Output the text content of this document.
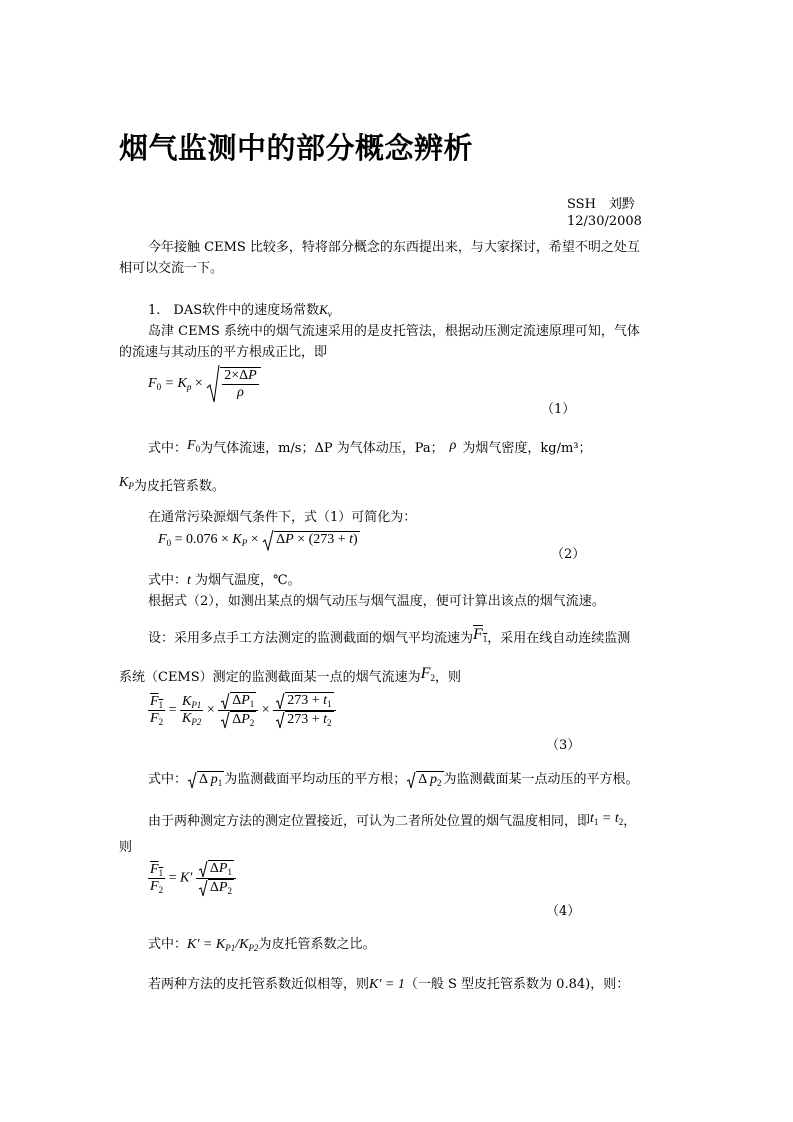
烟气监测中的部分概念辨析
SSH　刘黔
12/30/2008
今年接触 CEMS 比较多，特将部分概念的东西提出来，与大家探讨，希望不明之处互
相可以交流一下。
1.　DAS软件中的速度场常数$K_v$
岛津 CEMS 系统中的烟气流速采用的是皮托管法，根据动压测定流速原理可知，气体
的流速与其动压的平方根成正比，即
$F_0 = K_p \times \frac{2\times\Delta P}{\rho}$
（1）
式中：$F_0$为气体流速，m/s；ΔP 为气体动压，Pa； ρ 为烟气密度，kg/m³；
$K_P$为皮托管系数。
在通常污染源烟气条件下，式（1）可简化为：
$F_0 = 0.076 \times K_P \times \Delta P \times (273 + t)$
（2）
式中：t 为烟气温度，℃。
根据式（2），如测出某点的烟气动压与烟气温度，便可计算出该点的烟气流速。
设：采用多点手工方法测定的监测截面的烟气平均流速为$F_1$，采用在线自动连续监测
系统（CEMS）测定的监测截面某一点的烟气流速为$F_2$，则
$\frac{F_1}{F_2} = \frac{K_{P1}}{K_{P2}} \times \frac{\Delta P_1}{\Delta P_2} \times \frac{273 + t_1}{273 + t_2}$
（3）
式中： Δ $p_1$ 为监测截面平均动压的平方根； Δ $p_2$ 为监测截面某一点动压的平方根。
由于两种测定方法的测定位置接近，可认为二者所处位置的烟气温度相同，即$t_1 = t_2$，
则
$\frac{F_1}{F_2} = K' \frac{\Delta P_1}{\Delta P_2}$
（4）
式中：$K' = K_{P1}/K_{P2}$为皮托管系数之比。
若两种方法的皮托管系数近似相等，则K′ = 1（一般 S 型皮托管系数为 0.84)，则：
